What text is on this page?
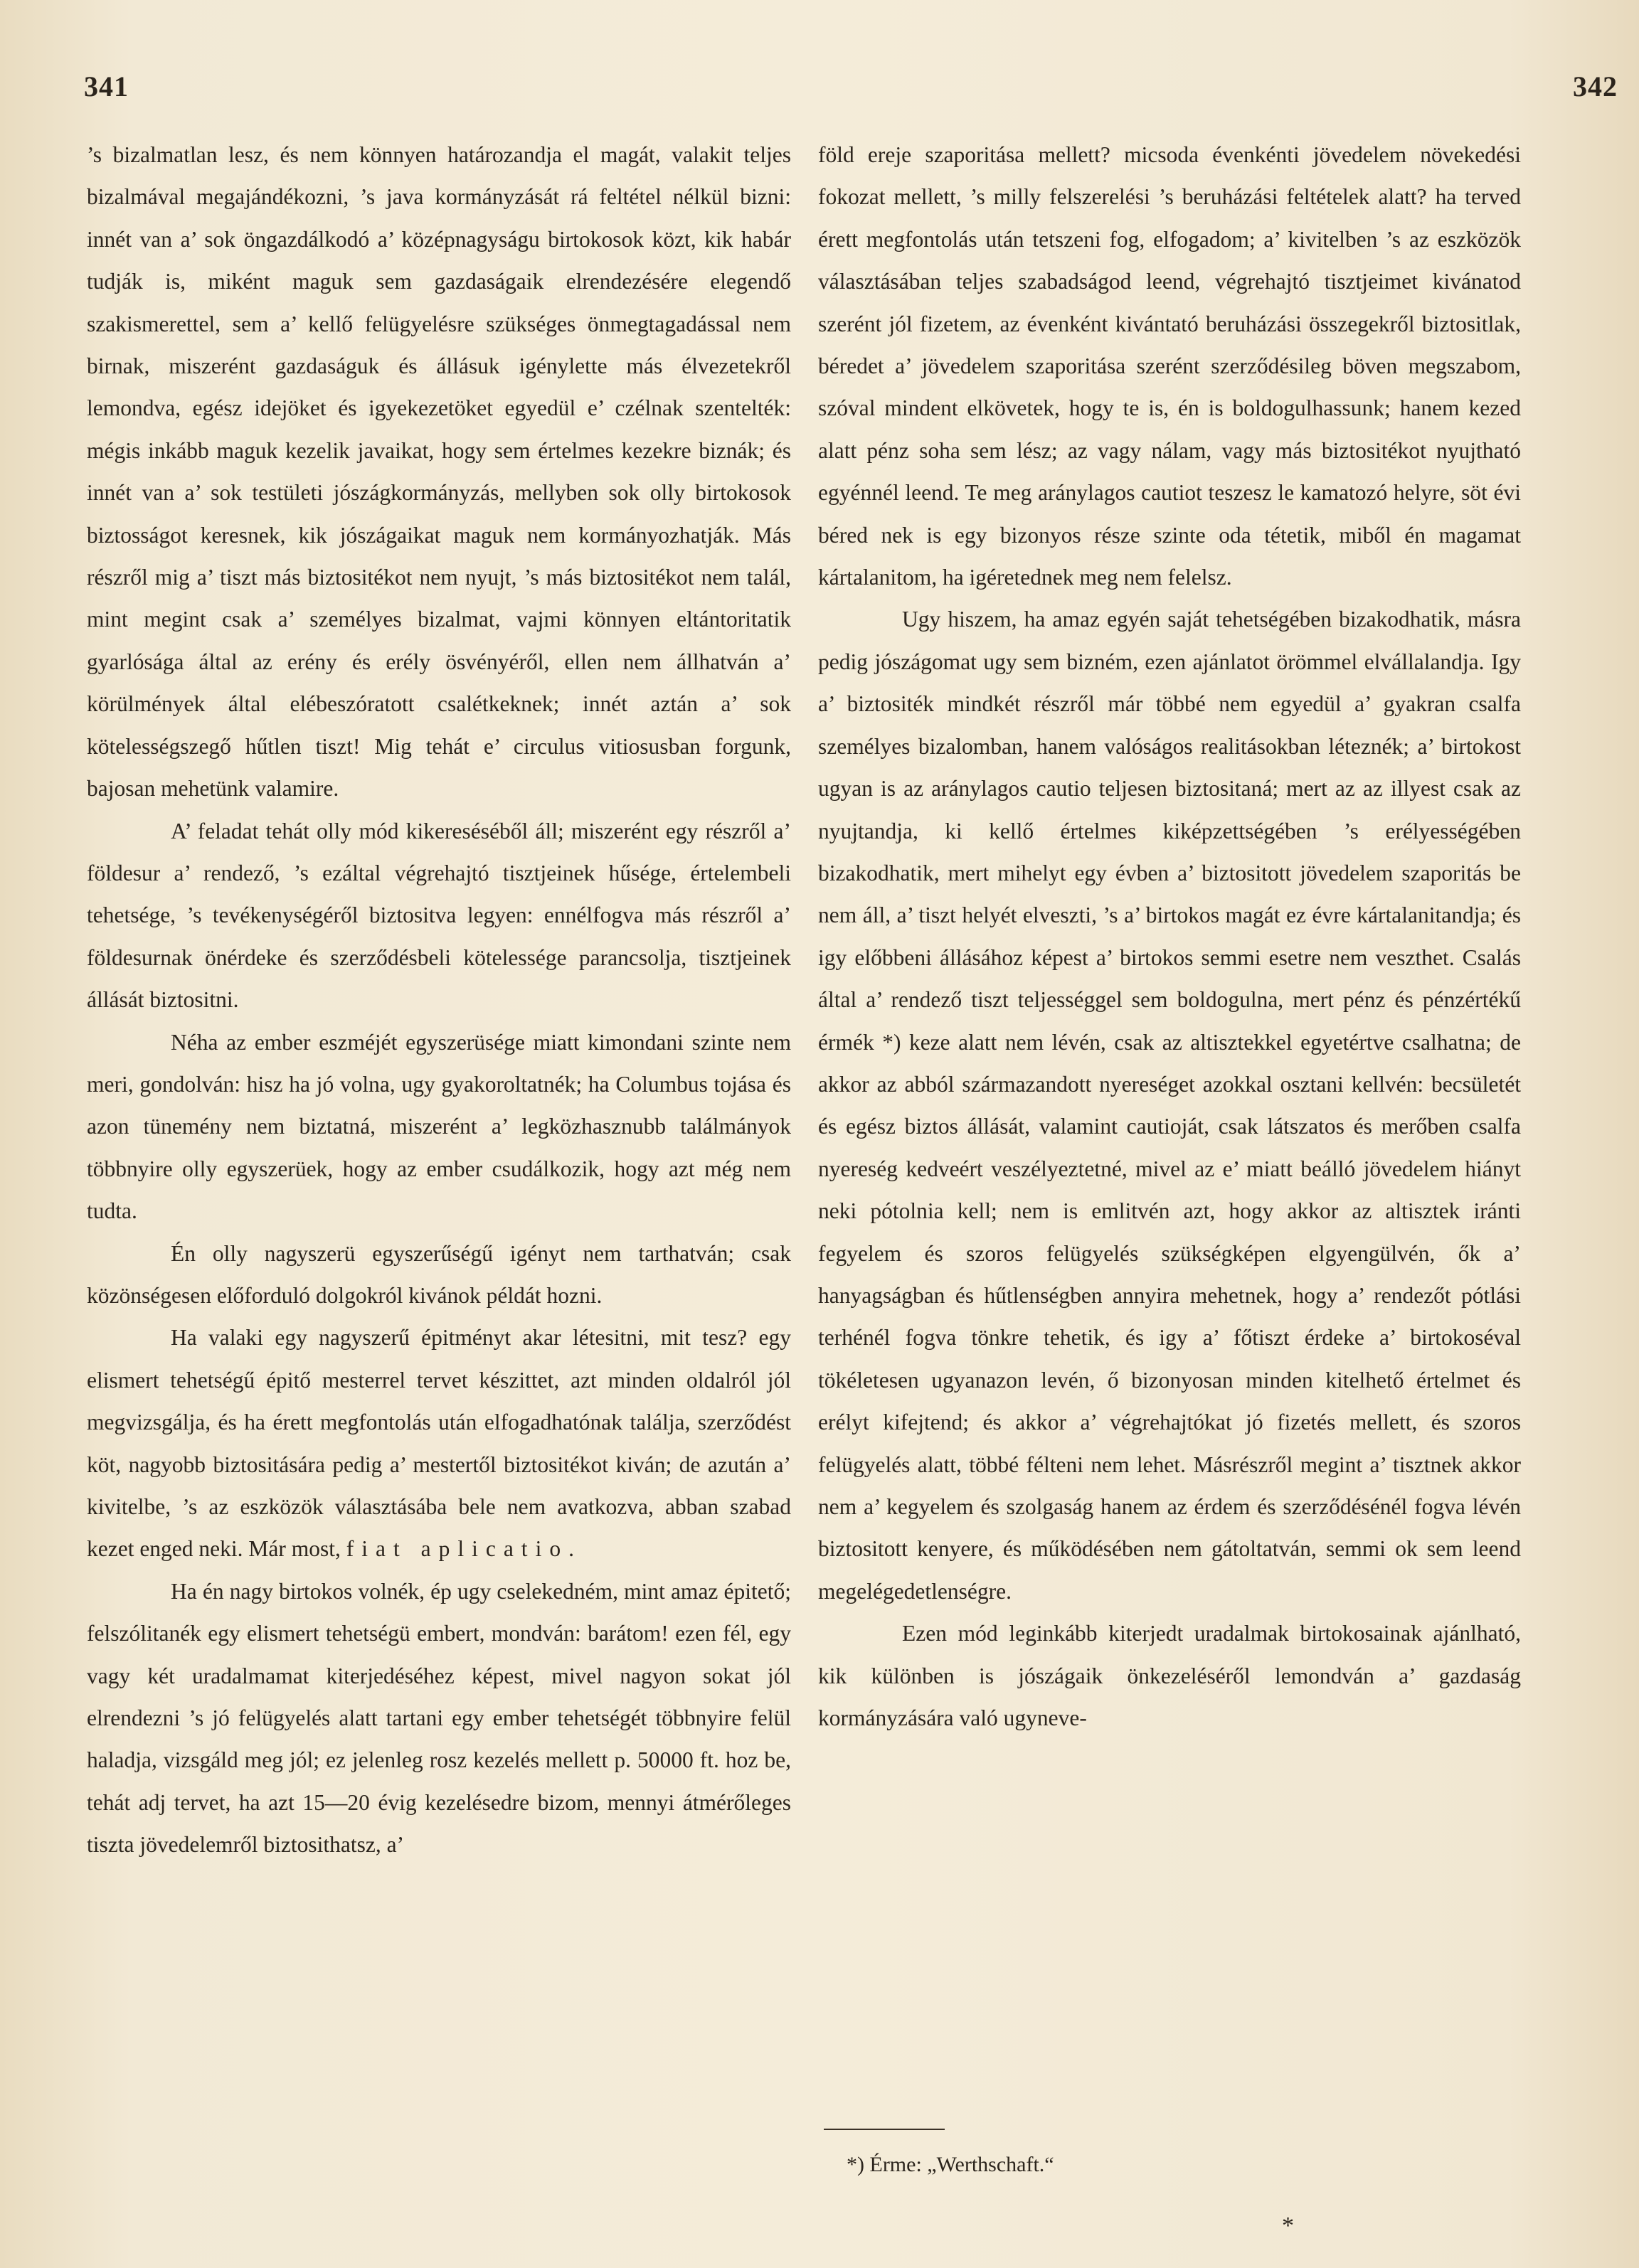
341	342

’s bizalmatlan lesz, és nem könnyen határozandja el magát, valakit teljes bizalmával megajándékozni, ’s java kormányzását rá feltétel nélkül bizni: innét van a’ sok öngazdálkodó a’ középnagyságu birtokosok közt, kik habár tudják is, miként maguk sem gazdaságaik elrendezésére elegendő szakismerettel, sem a’ kellő felügyelésre szükséges önmegtagadással nem birnak, miszerént gazdaságuk és állásuk igénylette más élvezetekről lemondva, egész idejöket és igyekezetöket egyedül e’ czélnak szentelték: mégis inkább maguk kezelik javaikat, hogy sem értelmes kezekre biznák; és innét van a’ sok testületi jószágkormányzás, mellyben sok olly birtokosok biztosságot keresnek, kik jószágaikat maguk nem kormányozhatják. Más részről mig a’ tiszt más biztositékot nem nyujt, ’s más biztositékot nem talál, mint megint csak a’ személyes bizalmat, vajmi könnyen eltántoritatik gyarlósága által az erény és erély ösvényéről, ellen nem állhatván a’ körülmények által elébeszóratott csalétkeknek; innét aztán a’ sok kötelességszegő hűtlen tiszt! Mig tehát e’ circulus vitiosusban forgunk, bajosan mehetünk valamire.

A’ feladat tehát olly mód kikereséséből áll; miszerént egy részről a’ földesur a’ rendező, ’s ezáltal végrehajtó tisztjeinek hűsége, értelembeli tehetsége, ’s tevékenységéről biztositva legyen: ennélfogva más részről a’ földesurnak önérdeke és szerződésbeli kötelessége parancsolja, tisztjeinek állását biztositni.

Néha az ember eszméjét egyszerüsége miatt kimondani szinte nem meri, gondolván: hisz ha jó volna, ugy gyakoroltatnék; ha Columbus tojása és azon tünemény nem biztatná, miszerént a’ legközhasznubb találmányok többnyire olly egyszerüek, hogy az ember csudálkozik, hogy azt még nem tudta.

Én olly nagyszerü egyszerűségű igényt nem tarthatván; csak közönségesen előforduló dolgokról kivánok példát hozni.

Ha valaki egy nagyszerű épitményt akar létesitni, mit tesz? egy elismert tehetségű épitő mesterrel tervet készittet, azt minden oldalról jól megvizsgálja, és ha érett megfontolás után elfogadhatónak találja, szerződést köt, nagyobb biztositására pedig a’ mestertől biztositékot kiván; de azután a’ kivitelbe, ’s az eszközök választásába bele nem avatkozva, abban szabad kezet enged neki. Már most, fiat aplicatio.

Ha én nagy birtokos volnék, ép ugy cselekedném, mint amaz épitető; felszólitanék egy elismert tehetségü embert, mondván: barátom! ezen fél, egy vagy két uradalmamat kiterjedéséhez képest, mivel nagyon sokat jól elrendezni ’s jó felügyelés alatt tartani egy ember tehetségét többnyire felül haladja, vizsgáld meg jól; ez jelenleg rosz kezelés mellett p. 50000 ft. hoz be, tehát adj tervet, ha azt 15—20 évig kezelésedre bizom, mennyi átmérőleges tiszta jövedelemről biztosithatsz, a’

föld ereje szaporitása mellett? micsoda évenkénti jövedelem növekedési fokozat mellett, ’s milly felszerelési ’s beruházási feltételek alatt? ha terved érett megfontolás után tetszeni fog, elfogadom; a’ kivitelben ’s az eszközök választásában teljes szabadságod leend, végrehajtó tisztjeimet kivánatod szerént jól fizetem, az évenként kivántató beruházási összegekről biztositlak, béredet a’ jövedelem szaporitása szerént szerződésileg böven megszabom, szóval mindent elkövetek, hogy te is, én is boldogulhassunk; hanem kezed alatt pénz soha sem lész; az vagy nálam, vagy más biztositékot nyujtható egyénnél leend. Te meg aránylagos cautiot teszesz le kamatozó helyre, söt évi béred nek is egy bizonyos része szinte oda tétetik, miből én magamat kártalanitom, ha igéretednek meg nem felelsz.

Ugy hiszem, ha amaz egyén saját tehetségében bizakodhatik, másra pedig jószágomat ugy sem bizném, ezen ajánlatot örömmel elvállalandja. Igy a’ biztositék mindkét részről már többé nem egyedül a’ gyakran csalfa személyes bizalomban, hanem valóságos realitásokban léteznék; a’ birtokost ugyan is az aránylagos cautio teljesen biztositaná; mert az az illyest csak az nyujtandja, ki kellő értelmes kiképzettségében ’s erélyességében bizakodhatik, mert mihelyt egy évben a’ biztositott jövedelem szaporitás be nem áll, a’ tiszt helyét elveszti, ’s a’ birtokos magát ez évre kártalanitandja; és igy előbbeni állásához képest a’ birtokos semmi esetre nem veszthet. Csalás által a’ rendező tiszt teljességgel sem boldogulna, mert pénz és pénzértékű érmék *) keze alatt nem lévén, csak az altisztekkel egyetértve csalhatna; de akkor az abból származandott nyereséget azokkal osztani kellvén: becsületét és egész biztos állását, valamint cautioját, csak látszatos és merőben csalfa nyereség kedveért veszélyeztetné, mivel az e’ miatt beálló jövedelem hiányt neki pótolnia kell; nem is emlitvén azt, hogy akkor az altisztek iránti fegyelem és szoros felügyelés szükségképen elgyengülvén, ők a’ hanyagságban és hűtlenségben annyira mehetnek, hogy a’ rendezőt pótlási terhénél fogva tönkre tehetik, és igy a’ főtiszt érdeke a’ birtokoséval tökéletesen ugyanazon levén, ő bizonyosan minden kitelhető értelmet és erélyt kifejtend; és akkor a’ végrehajtókat jó fizetés mellett, és szoros felügyelés alatt, többé félteni nem lehet. Másrészről megint a’ tisztnek akkor nem a’ kegyelem és szolgaság hanem az érdem és szerződésénél fogva lévén biztositott kenyere, és működésében nem gátoltatván, semmi ok sem leend megelégedetlenségre.

Ezen mód leginkább kiterjedt uradalmak birtokosainak ajánlható, kik különben is jószágaik önkezeléséről lemondván a’ gazdaság kormányzására való ugyneve-

*) Érme: „Werthschaft.“
*
